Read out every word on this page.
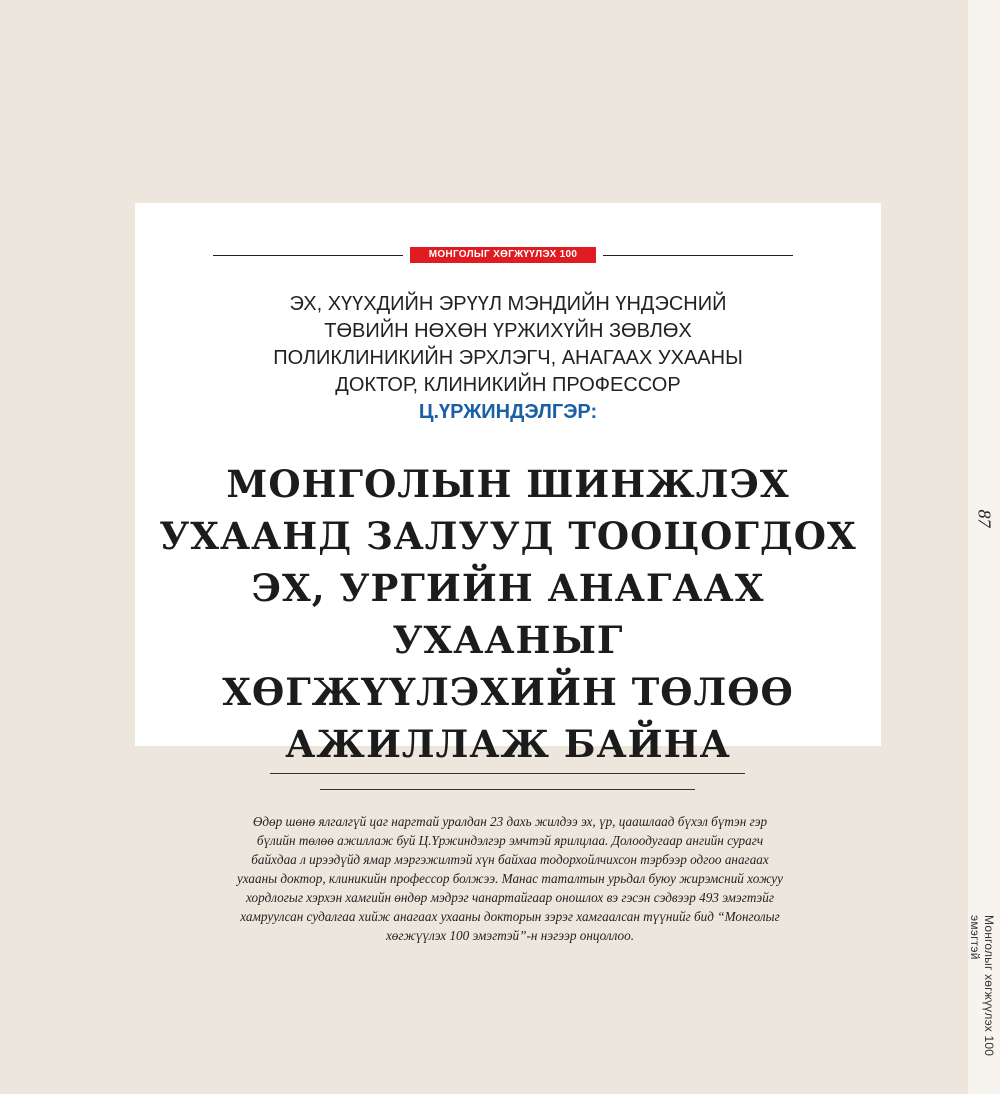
87
Монголыг хөгжүүлэх 100 эмэгтэй
МОНГОЛЫГ ХӨГЖҮҮЛЭХ 100 ЭМЭГТЭЙ
ЭХ, ХҮҮХДИЙН ЭРҮҮЛ МЭНДИЙН ҮНДЭСНИЙ
ТӨВИЙН НӨХӨН ҮРЖИХҮЙН ЗӨВЛӨХ
ПОЛИКЛИНИКИЙН ЭРХЛЭГЧ, АНАГААХ УХААНЫ
ДОКТОР, КЛИНИКИЙН ПРОФЕССОР
Ц.ҮРЖИНДЭЛГЭР:
МОНГОЛЫН ШИНЖЛЭХ
УХААНД ЗАЛУУД ТООЦОГДОХ
ЭХ, УРГИЙН АНАГААХ УХААНЫГ
ХӨГЖҮҮЛЭХИЙН ТӨЛӨӨ
АЖИЛЛАЖ БАЙНА
Өдөр шөнө ялгалгүй цаг наргтай уралдан 23 дахь жилдээ эх, үр, цаашлаад бүхэл бүтэн гэр
бүлийн төлөө ажиллаж буй Ц.Үржиндэлгэр эмчтэй ярилцлаа. Долоодугаар ангийн сурагч
байхдаа л ирээдүйд ямар мэргэжилтэй хүн байхаа тодорхойлчихсон тэрбээр одгоо анагаах
ухааны доктор, клиникийн профессор болжээ. Манас таталтын урьдал буюу жирэмсний хожуу
хордлогыг хэрхэн хамгийн өндөр мэдрэг чанартайгаар оношлох вэ гэсэн сэдвээр 493 эмэгтэйг
хамруулсан судалгаа хийж анагаах ухааны докторын зэрэг хамгаалсан түүнийг бид “Монголыг
хөгжүүлэх 100 эмэгтэй”-н нэгээр онцоллоо.
